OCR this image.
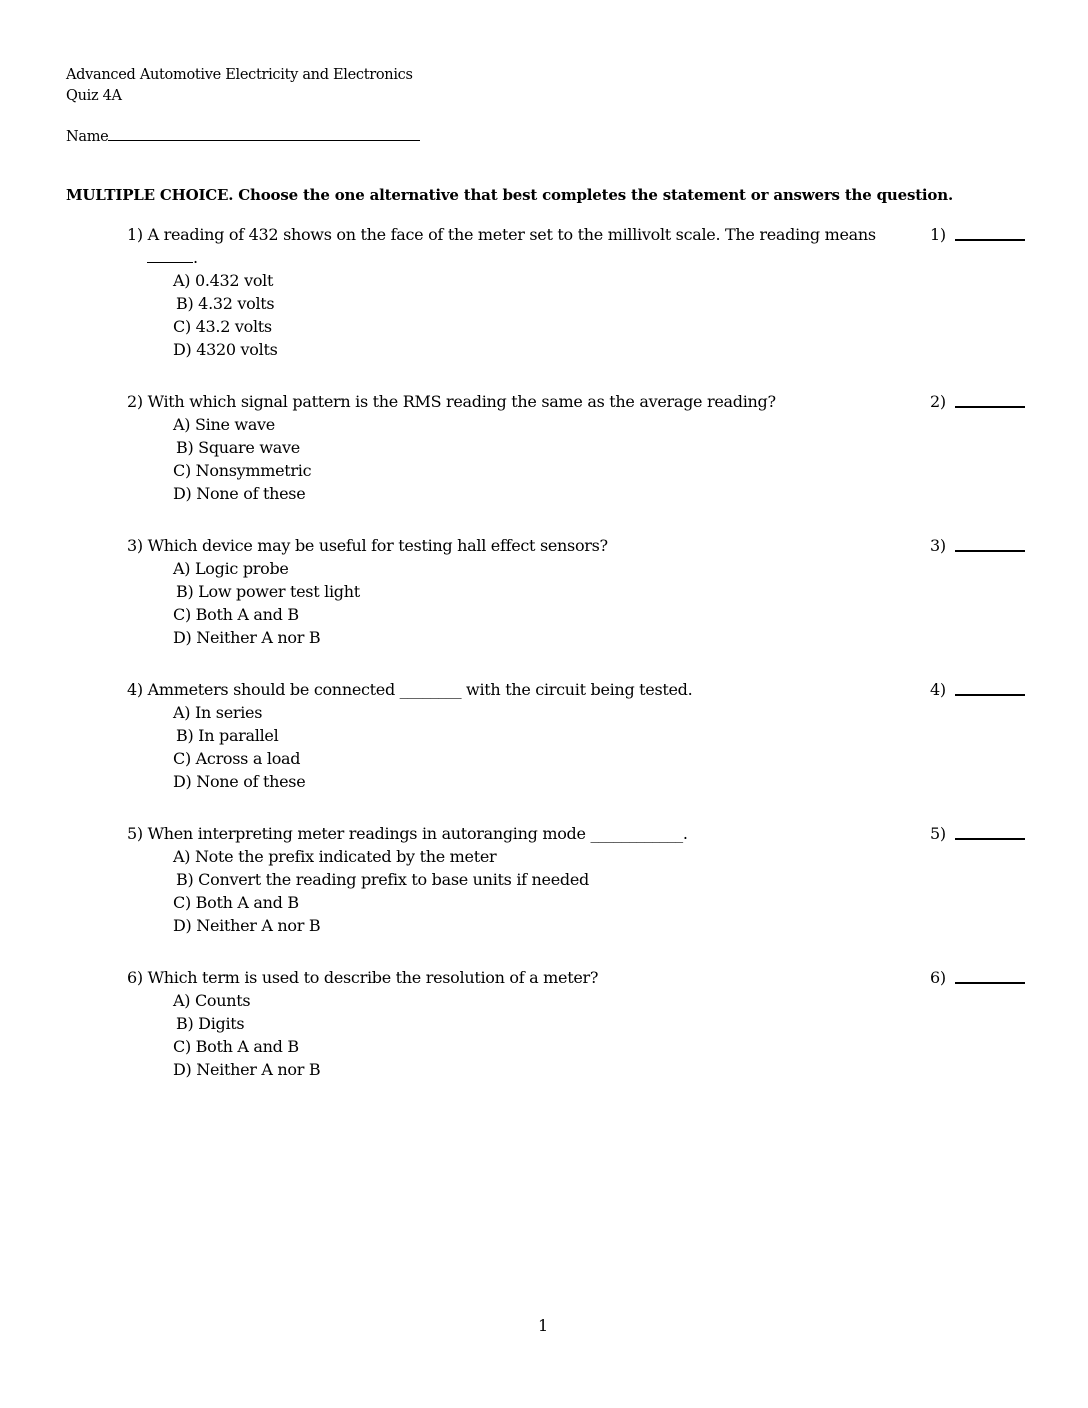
Advanced Automotive Electricity and Electronics
Quiz 4A
Name
MULTIPLE CHOICE. Choose the one alternative that best completes the statement or answers the question.
1) A reading of 432 shows on the face of the meter set to the millivolt scale. The reading means
.
A) 0.432 volt
B) 4.32 volts
C) 43.2 volts
D) 4320 volts
1)
2) With which signal pattern is the RMS reading the same as the average reading?
A) Sine wave
B) Square wave
C) Nonsymmetric
D) None of these
2)
3) Which device may be useful for testing hall effect sensors?
A) Logic probe
B) Low power test light
C) Both A and B
D) Neither A nor B
3)
4) Ammeters should be connected ________ with the circuit being tested.
A) In series
B) In parallel
C) Across a load
D) None of these
4)
5) When interpreting meter readings in autoranging mode ____________.
A) Note the prefix indicated by the meter
B) Convert the reading prefix to base units if needed
C) Both A and B
D) Neither A nor B
5)
6) Which term is used to describe the resolution of a meter?
A) Counts
B) Digits
C) Both A and B
D) Neither A nor B
6)
1
